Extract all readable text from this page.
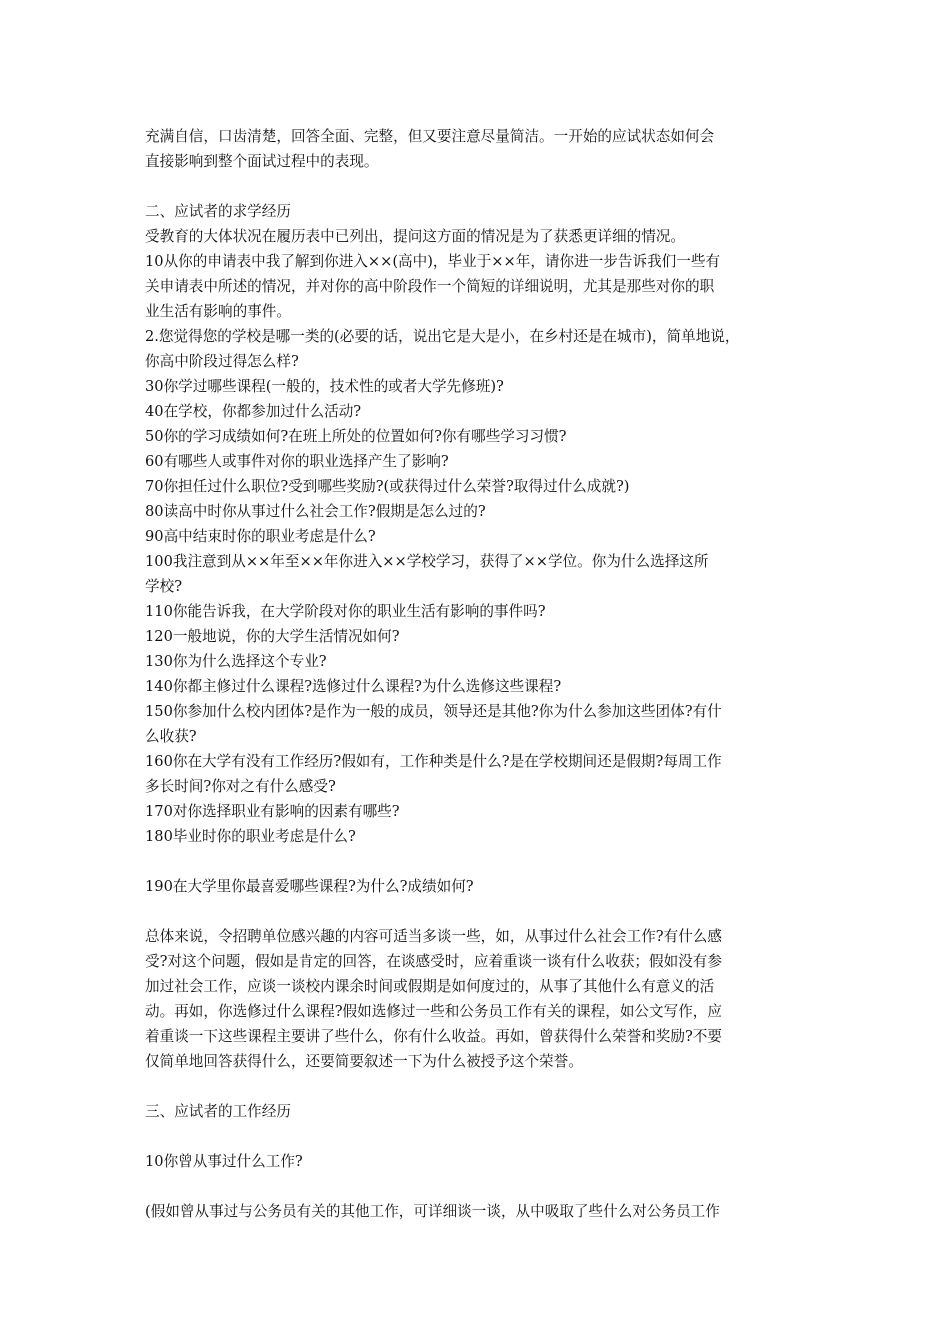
充满自信，口齿清楚，回答全面、完整，但又要注意尽量简洁。一开始的应试状态如何会
直接影响到整个面试过程中的表现。
二、应试者的求学经历
受教育的大体状况在履历表中已列出，提问这方面的情况是为了获悉更详细的情况。
10从你的申请表中我了解到你进入××(高中)，毕业于××年，请你进一步告诉我们一些有
关申请表中所述的情况，并对你的高中阶段作一个简短的详细说明，尤其是那些对你的职
业生活有影响的事件。
2.您觉得您的学校是哪一类的(必要的话，说出它是大是小，在乡村还是在城市)，简单地说，
你高中阶段过得怎么样?
30你学过哪些课程(一般的，技术性的或者大学先修班)?
40在学校，你都参加过什么活动?
50你的学习成绩如何?在班上所处的位置如何?你有哪些学习习惯?
60有哪些人或事件对你的职业选择产生了影响?
70你担任过什么职位?受到哪些奖励?(或获得过什么荣誉?取得过什么成就?)
80读高中时你从事过什么社会工作?假期是怎么过的?
90高中结束时你的职业考虑是什么?
100我注意到从××年至××年你进入××学校学习，获得了××学位。你为什么选择这所
学校?
110你能告诉我，在大学阶段对你的职业生活有影响的事件吗?
120一般地说，你的大学生活情况如何?
130你为什么选择这个专业?
140你都主修过什么课程?选修过什么课程?为什么选修这些课程?
150你参加什么校内团体?是作为一般的成员，领导还是其他?你为什么参加这些团体?有什
么收获?
160你在大学有没有工作经历?假如有，工作种类是什么?是在学校期间还是假期?每周工作
多长时间?你对之有什么感受?
170对你选择职业有影响的因素有哪些?
180毕业时你的职业考虑是什么?
190在大学里你最喜爱哪些课程?为什么?成绩如何?
总体来说，令招聘单位感兴趣的内容可适当多谈一些，如，从事过什么社会工作?有什么感
受?对这个问题，假如是肯定的回答，在谈感受时，应着重谈一谈有什么收获；假如没有参
加过社会工作，应谈一谈校内课余时间或假期是如何度过的，从事了其他什么有意义的活
动。再如，你选修过什么课程?假如选修过一些和公务员工作有关的课程，如公文写作，应
着重谈一下这些课程主要讲了些什么，你有什么收益。再如，曾获得什么荣誉和奖励?不要
仅简单地回答获得什么，还要简要叙述一下为什么被授予这个荣誉。
三、应试者的工作经历
10你曾从事过什么工作?
(假如曾从事过与公务员有关的其他工作，可详细谈一谈，从中吸取了些什么对公务员工作
